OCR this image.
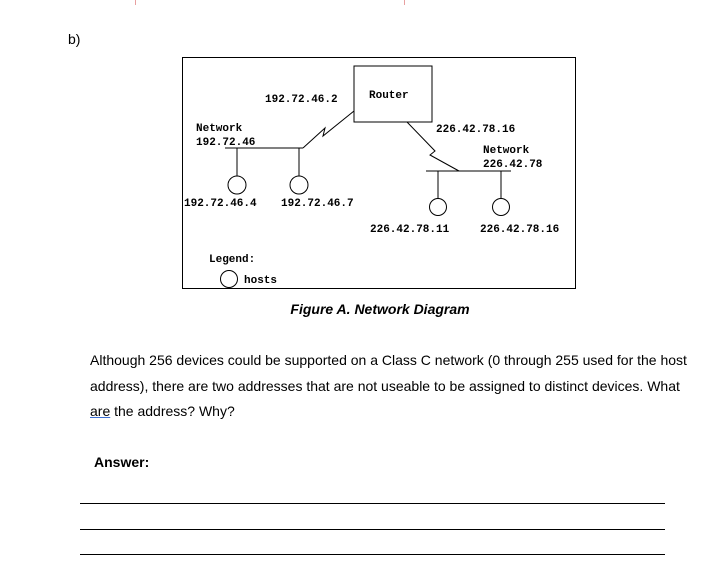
b)
Router
192.72.46.2
226.42.78.16
Network
192.72.46
192.72.46.4 192.72.46.7
Network
226.42.78
226.42.78.11	226.42.78.16
Legend:
hosts
Figure A. Network Diagram
Although 256 devices could be supported on a Class C network (0 through 255 used for the host address), there are two addresses that are not useable to be assigned to distinct devices. What are the address? Why?
Answer:
